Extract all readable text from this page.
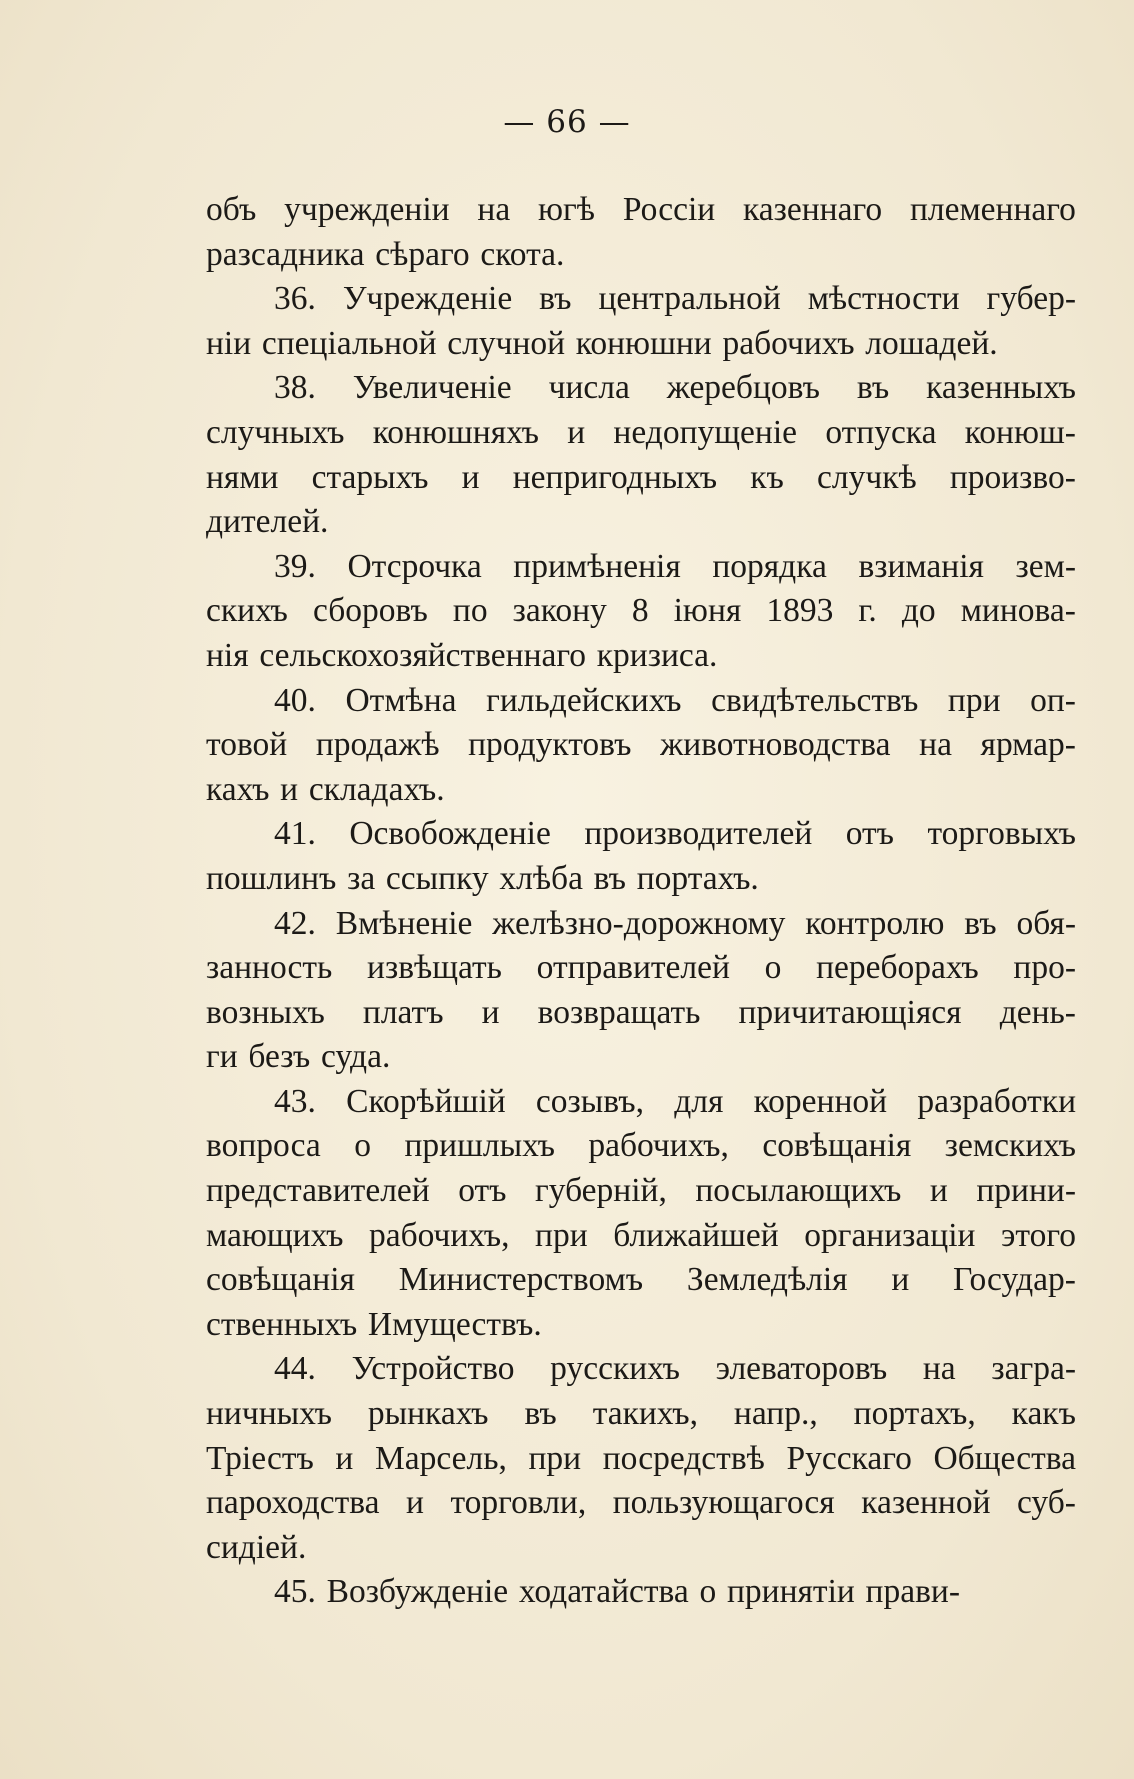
— 66 —
объ учрежденіи на югѣ Россіи казеннаго племеннаго
разсадника сѣраго скота.
36. Учрежденіе въ центральной мѣстности губер-
ніи спеціальной случной конюшни рабочихъ лошадей.
38. Увеличеніе числа жеребцовъ въ казенныхъ
случныхъ конюшняхъ и недопущеніе отпуска конюш-
нями старыхъ и непригодныхъ къ случкѣ произво-
дителей.
39. Отсрочка примѣненія порядка взиманія зем-
скихъ сборовъ по закону 8 іюня 1893 г. до минова-
нія сельскохозяйственнаго кризиса.
40. Отмѣна гильдейскихъ свидѣтельствъ при оп-
товой продажѣ продуктовъ животноводства на ярмар-
кахъ и складахъ.
41. Освобожденіе производителей отъ торговыхъ
пошлинъ за ссыпку хлѣба въ портахъ.
42. Вмѣненіе желѣзно-дорожному контролю въ обя-
занность извѣщать отправителей о переборахъ про-
возныхъ платъ и возвращать причитающіяся день-
ги безъ суда.
43. Скорѣйшій созывъ, для коренной разработки
вопроса о пришлыхъ рабочихъ, совѣщанія земскихъ
представителей отъ губерній, посылающихъ и прини-
мающихъ рабочихъ, при ближайшей организаціи этого
совѣщанія Министерствомъ Земледѣлія и Государ-
ственныхъ Имуществъ.
44. Устройство русскихъ элеваторовъ на загра-
ничныхъ рынкахъ въ такихъ, напр., портахъ, какъ
Тріестъ и Марсель, при посредствѣ Русскаго Общества
пароходства и торговли, пользующагося казенной суб-
сидіей.
45. Возбужденіе ходатайства о принятіи прави-
